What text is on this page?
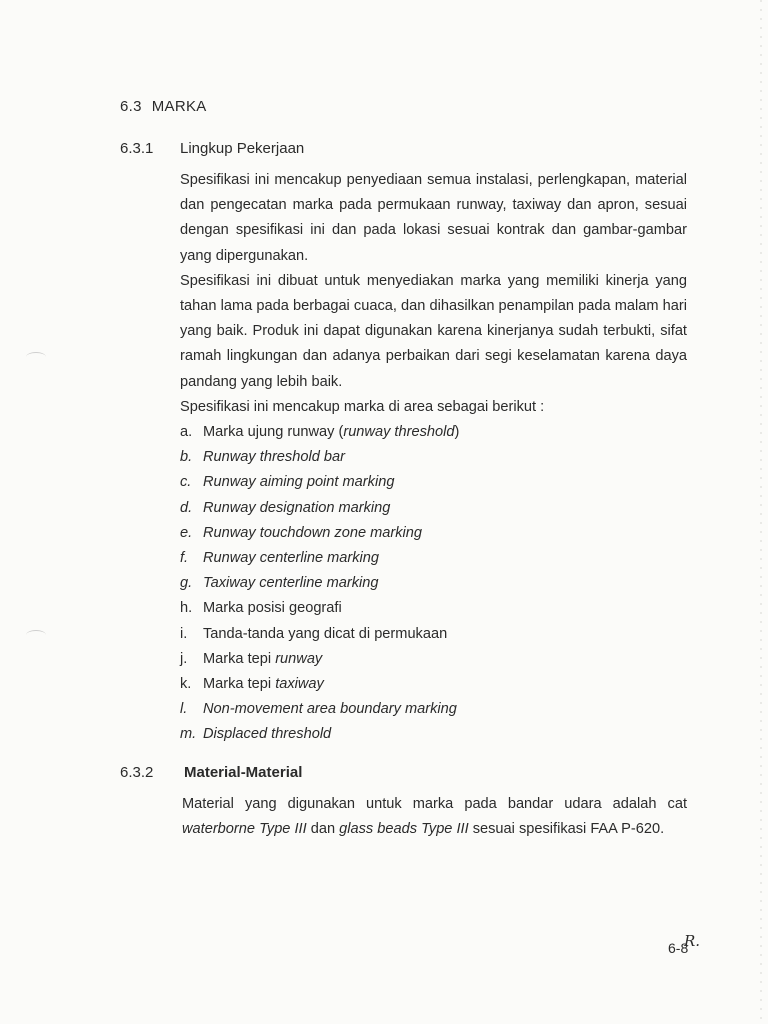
6.3 MARKA
6.3.1 Lingkup Pekerjaan
Spesifikasi ini mencakup penyediaan semua instalasi, perlengkapan, material dan pengecatan marka pada permukaan runway, taxiway dan apron, sesuai dengan spesifikasi ini dan pada lokasi sesuai kontrak dan gambar-gambar yang dipergunakan.
Spesifikasi ini dibuat untuk menyediakan marka yang memiliki kinerja yang tahan lama pada berbagai cuaca, dan dihasilkan penampilan pada malam hari yang baik. Produk ini dapat digunakan karena kinerjanya sudah terbukti, sifat ramah lingkungan dan adanya perbaikan dari segi keselamatan karena daya pandang yang lebih baik.
Spesifikasi ini mencakup marka di area sebagai berikut :
a. Marka ujung runway (runway threshold)
b. Runway threshold bar
c. Runway aiming point marking
d. Runway designation marking
e. Runway touchdown zone marking
f. Runway centerline marking
g. Taxiway centerline marking
h. Marka posisi geografi
i. Tanda-tanda yang dicat di permukaan
j. Marka tepi runway
k. Marka tepi taxiway
l. Non-movement area boundary marking
m. Displaced threshold
6.3.2 Material-Material
Material yang digunakan untuk marka pada bandar udara adalah cat waterborne Type III dan glass beads Type III sesuai spesifikasi FAA P-620.
6-8
R.
